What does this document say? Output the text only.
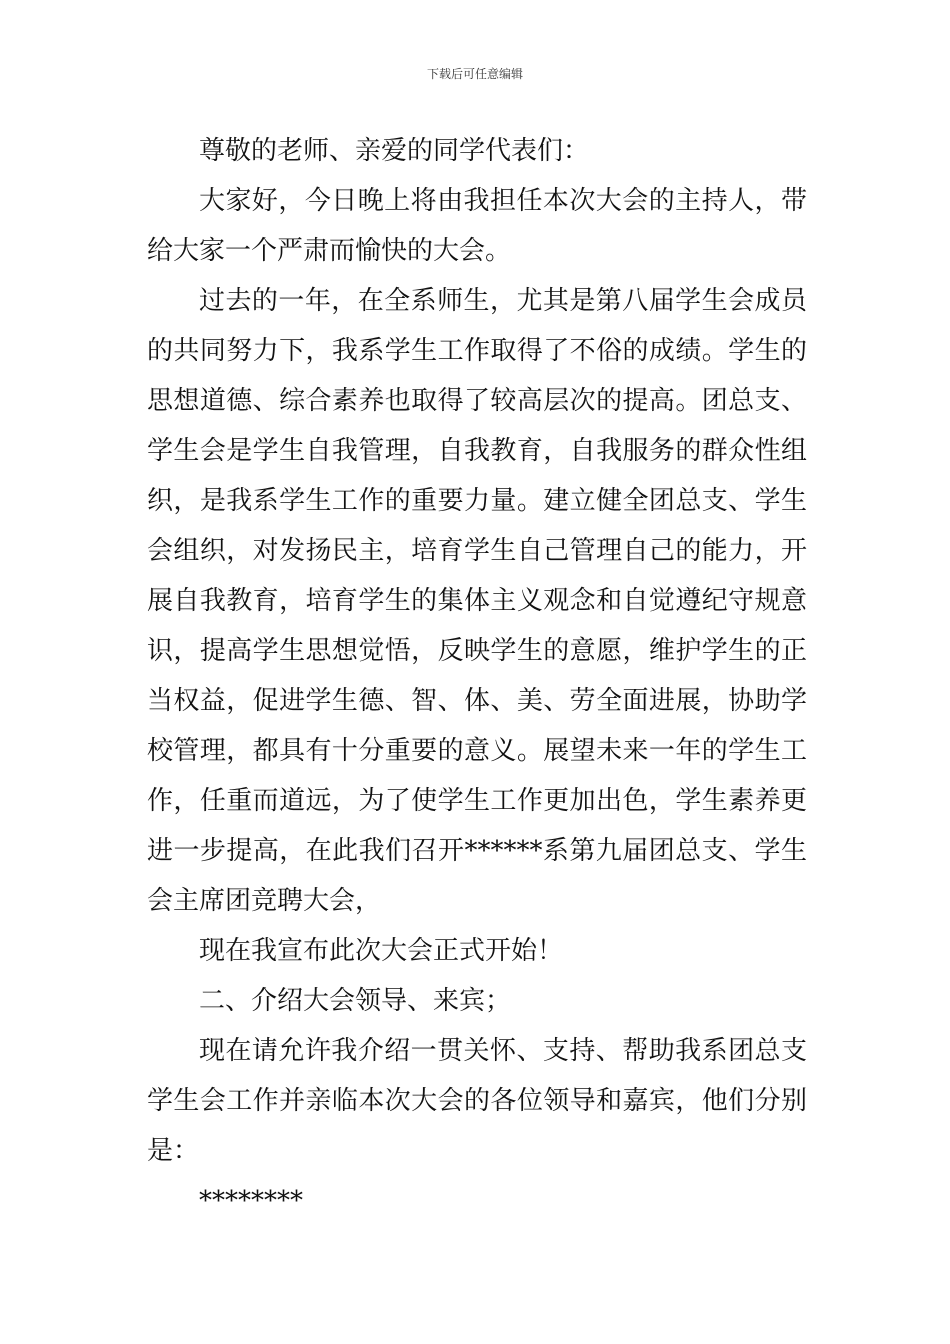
下载后可任意编辑

尊敬的老师、亲爱的同学代表们：

大家好，今日晚上将由我担任本次大会的主持人，带给大家一个严肃而愉快的大会。

过去的一年，在全系师生，尤其是第八届学生会成员的共同努力下，我系学生工作取得了不俗的成绩。学生的思想道德、综合素养也取得了较高层次的提高。团总支、学生会是学生自我管理，自我教育，自我服务的群众性组织，是我系学生工作的重要力量。建立健全团总支、学生会组织，对发扬民主，培育学生自己管理自己的能力，开展自我教育，培育学生的集体主义观念和自觉遵纪守规意识，提高学生思想觉悟，反映学生的意愿，维护学生的正当权益，促进学生德、智、体、美、劳全面进展，协助学校管理，都具有十分重要的意义。展望未来一年的学生工作，任重而道远，为了使学生工作更加出色，学生素养更进一步提高，在此我们召开******系第九届团总支、学生会主席团竞聘大会，

现在我宣布此次大会正式开始！

二、介绍大会领导、来宾；

现在请允许我介绍一贯关怀、支持、帮助我系团总支学生会工作并亲临本次大会的各位领导和嘉宾，他们分别是：

********
